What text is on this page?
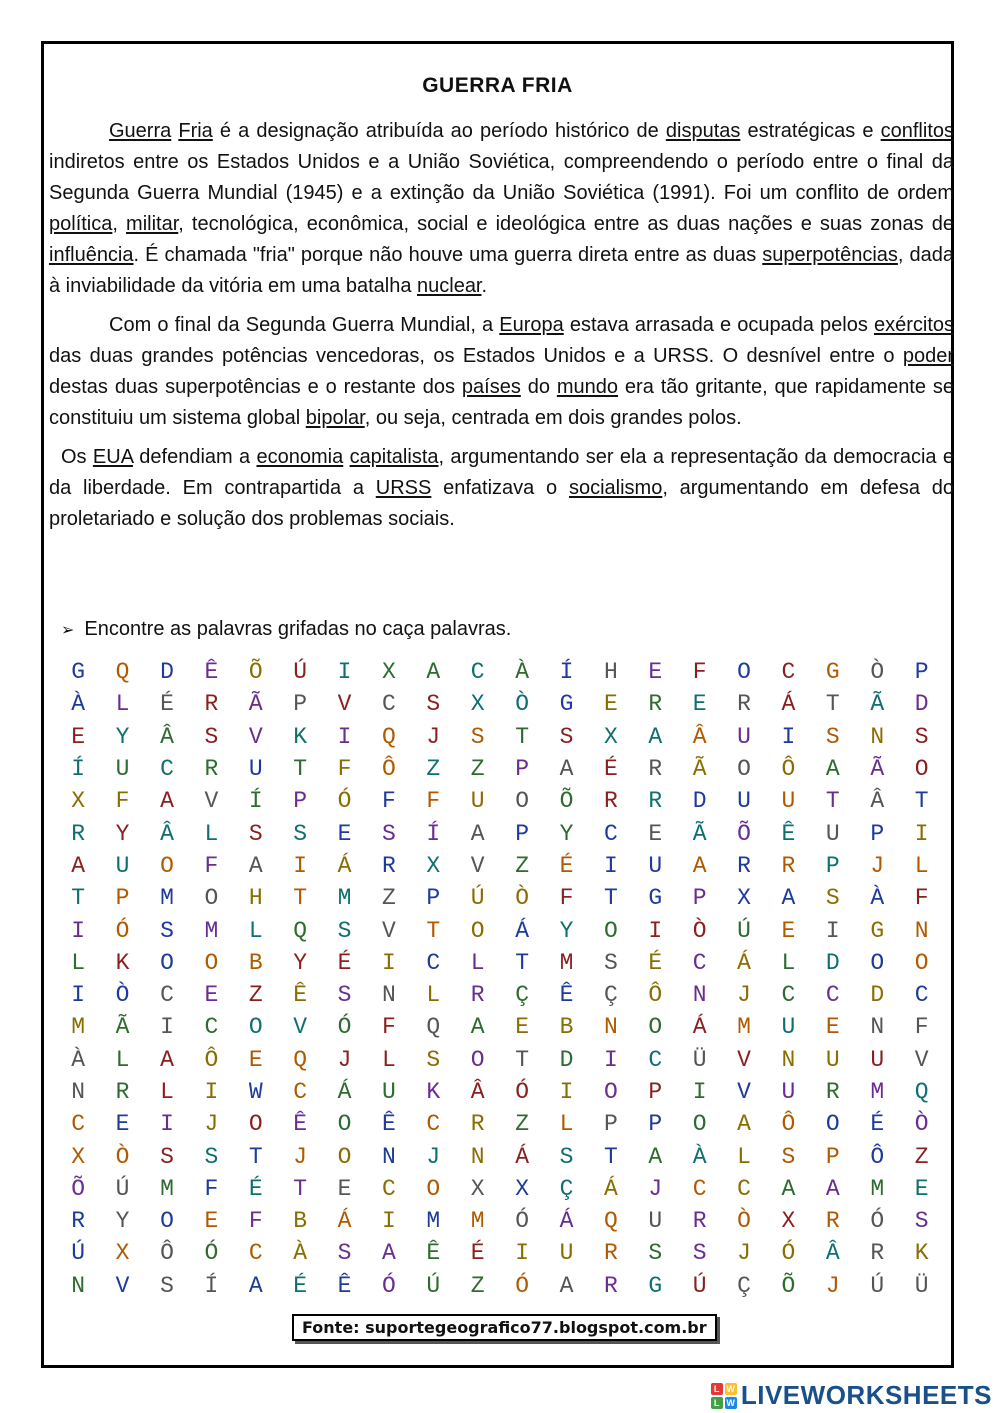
GUERRA FRIA

Guerra Fria é a designação atribuída ao período histórico de disputas estratégicas e conflitos indiretos entre os Estados Unidos e a União Soviética, compreendendo o período entre o final da Segunda Guerra Mundial (1945) e a extinção da União Soviética (1991). Foi um conflito de ordem política, militar, tecnológica, econômica, social e ideológica entre as duas nações e suas zonas de influência. É chamada "fria" porque não houve uma guerra direta entre as duas superpotências, dada à inviabilidade da vitória em uma batalha nuclear.

Com o final da Segunda Guerra Mundial, a Europa estava arrasada e ocupada pelos exércitos das duas grandes potências vencedoras, os Estados Unidos e a URSS. O desnível entre o poder destas duas superpotências e o restante dos países do mundo era tão gritante, que rapidamente se constituiu um sistema global bipolar, ou seja, centrada em dois grandes polos.

Os EUA defendiam a economia capitalista, argumentando ser ela a representação da democracia e da liberdade. Em contrapartida a URSS enfatizava o socialismo, argumentando em defesa do proletariado e solução dos problemas sociais.

➢ Encontre as palavras grifadas no caça palavras.
G	Q	D	Ê	Õ	Ú	I	X	A	C	À	Í	H	E	F	O	C	G	Ò	P
À	L	É	R	Ã	P	V	C	S	X	Ò	G	E	R	E	R	Á	T	Ã	D
E	Y	Â	S	V	K	I	Q	J	S	T	S	X	A	Â	U	I	S	N	S
Í	U	C	R	U	T	F	Ô	Z	Z	P	A	É	R	Ã	O	Ô	A	Ã	O
X	F	A	V	Í	P	Ó	F	F	U	O	Õ	R	R	D	U	U	T	Â	T
R	Y	Â	L	S	S	E	S	Í	A	P	Y	C	E	Ã	Õ	Ê	U	P	I
A	U	O	F	A	I	Á	R	X	V	Z	É	I	U	A	R	R	P	J	L
T	P	M	O	H	T	M	Z	P	Ú	Ò	F	T	G	P	X	A	S	À	F
I	Ó	S	M	L	Q	S	V	T	O	Á	Y	O	I	Ò	Ú	E	I	G	N
L	K	O	O	B	Y	É	I	C	L	T	M	S	É	C	Á	L	D	O	O
I	Ò	C	E	Z	Ê	S	N	L	R	Ç	Ê	Ç	Ô	N	J	C	C	D	C
M	Ã	I	C	O	V	Ó	F	Q	A	E	B	N	O	Á	M	U	E	N	F
À	L	A	Ô	E	Q	J	L	S	O	T	D	I	C	Ü	V	N	U	U	V
N	R	L	I	W	C	Á	U	K	Â	Ó	I	O	P	I	V	U	R	M	Q
C	E	I	J	O	Ê	O	Ê	C	R	Z	L	P	P	O	A	Ô	O	É	Ò
X	Ò	S	S	T	J	O	N	J	N	Á	S	T	A	À	L	S	P	Ô	Z
Õ	Ú	M	F	É	T	E	C	O	X	X	Ç	Á	J	C	C	A	A	M	E
R	Y	O	E	F	B	Á	I	M	M	Ó	Á	Q	U	R	Ò	X	R	Ó	S
Ú	X	Ô	Ó	C	À	S	A	Ê	É	I	U	R	S	S	J	Ó	Â	R	K
N	V	S	Í	A	É	Ê	Ó	Ú	Z	Ó	A	R	G	Ú	Ç	Õ	J	Ú	Ü
Fonte: suportegeografico77.blogspot.com.br
L W
L W LIVEWORKSHEETS
